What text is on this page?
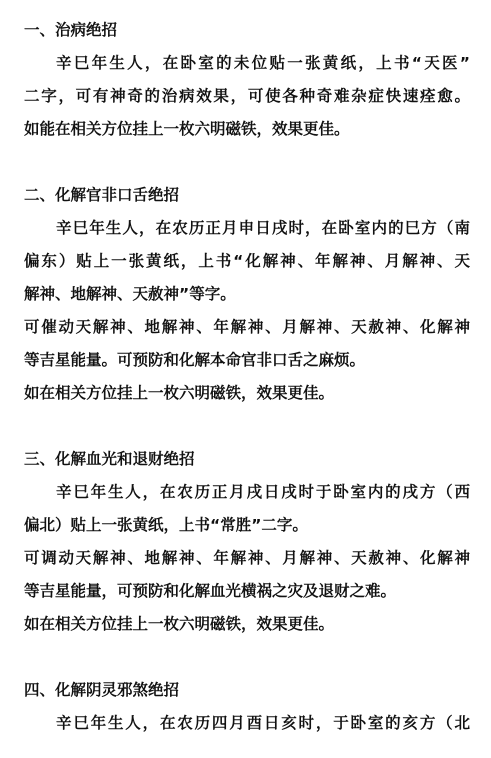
一、治病绝招
辛巳年生人，在卧室的未位贴一张黄纸，上书“天医”
二字，可有神奇的治病效果，可使各种奇难杂症快速痊愈。
如能在相关方位挂上一枚六明磁铁，效果更佳。
二、化解官非口舌绝招
辛巳年生人，在农历正月申日戌时，在卧室内的巳方（南
偏东）贴上一张黄纸，上书“化解神、年解神、月解神、天
解神、地解神、天赦神”等字。
可催动天解神、地解神、年解神、月解神、天赦神、化解神
等吉星能量。可预防和化解本命官非口舌之麻烦。
如在相关方位挂上一枚六明磁铁，效果更佳。
三、化解血光和退财绝招
辛巳年生人，在农历正月戌日戌时于卧室内的戌方（西
偏北）贴上一张黄纸，上书“常胜”二字。
可调动天解神、地解神、年解神、月解神、天赦神、化解神
等吉星能量，可预防和化解血光横祸之灾及退财之难。
如在相关方位挂上一枚六明磁铁，效果更佳。
四、化解阴灵邪煞绝招
辛巳年生人，在农历四月酉日亥时，于卧室的亥方（北
